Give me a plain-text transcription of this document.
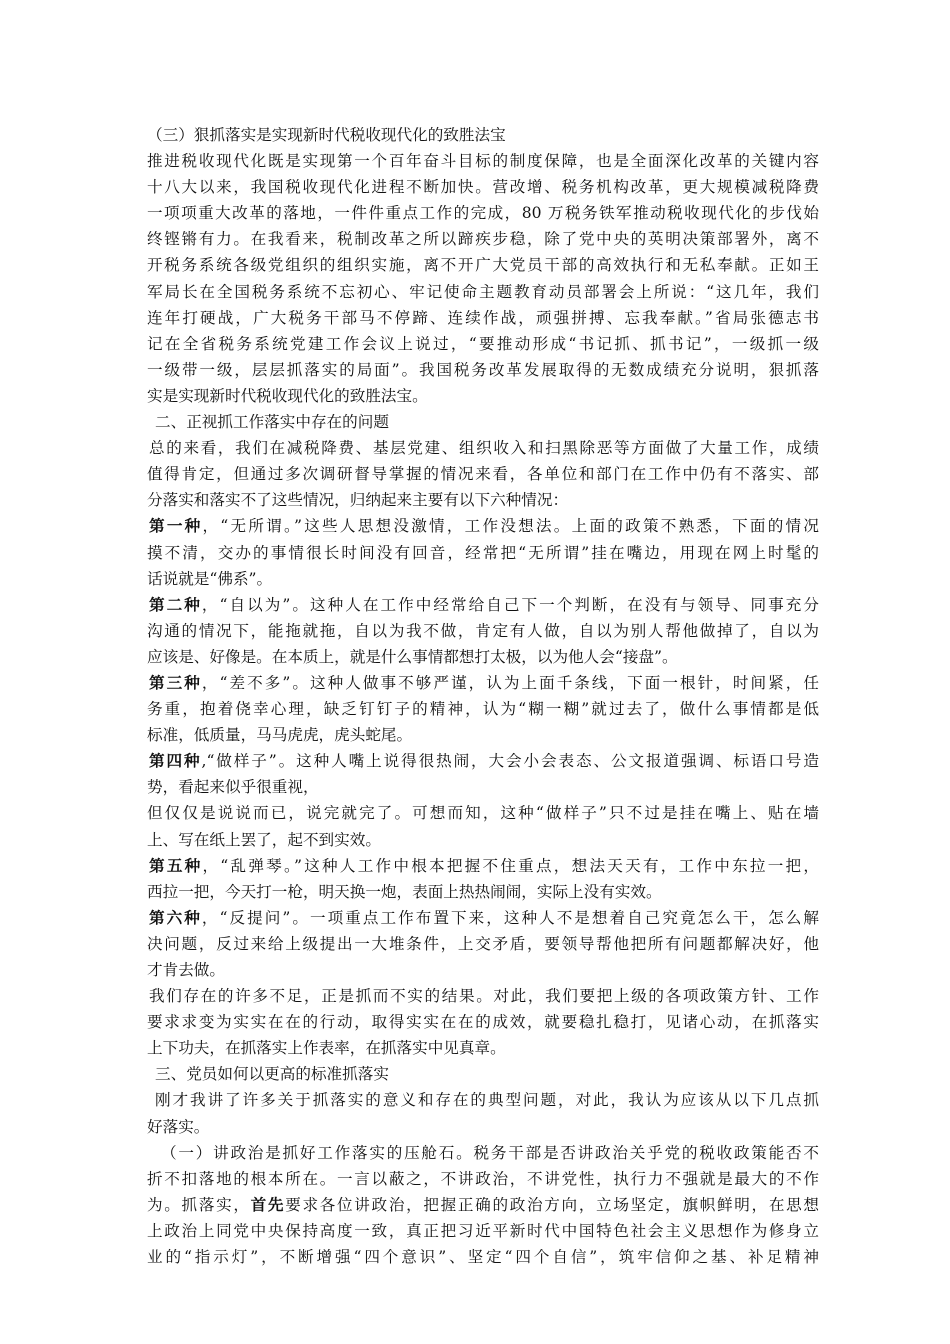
（三）狠抓落实是实现新时代税收现代化的致胜法宝
推进税收现代化既是实现第一个百年奋斗目标的制度保障，也是全面深化改革的关键内容
十八大以来，我国税收现代化进程不断加快。营改增、税务机构改革，更大规模减税降费
一项项重大改革的落地，一件件重点工作的完成，80 万税务铁军推动税收现代化的步伐始
终铿锵有力。在我看来，税制改革之所以蹄疾步稳，除了党中央的英明决策部署外，离不
开税务系统各级党组织的组织实施，离不开广大党员干部的高效执行和无私奉献。正如王
军局长在全国税务系统不忘初心、牢记使命主题教育动员部署会上所说：“这几年，我们
连年打硬战，广大税务干部马不停蹄、连续作战，顽强拼搏、忘我奉献。”省局张德志书
记在全省税务系统党建工作会议上说过，“要推动形成“书记抓、抓书记”，一级抓一级
一级带一级，层层抓落实的局面”。我国税务改革发展取得的无数成绩充分说明，狠抓落
实是实现新时代税收现代化的致胜法宝。
二、正视抓工作落实中存在的问题
总的来看，我们在减税降费、基层党建、组织收入和扫黑除恶等方面做了大量工作，成绩
值得肯定，但通过多次调研督导掌握的情况来看，各单位和部门在工作中仍有不落实、部
分落实和落实不了这些情况，归纳起来主要有以下六种情况：
第一种，“无所谓。”这些人思想没激情，工作没想法。上面的政策不熟悉，下面的情况
摸不清，交办的事情很长时间没有回音，经常把“无所谓”挂在嘴边，用现在网上时髦的
话说就是“佛系”。
第二种，“自以为”。这种人在工作中经常给自己下一个判断，在没有与领导、同事充分
沟通的情况下，能拖就拖，自以为我不做，肯定有人做，自以为别人帮他做掉了，自以为
应该是、好像是。在本质上，就是什么事情都想打太极，以为他人会“接盘”。
第三种，“差不多”。这种人做事不够严谨，认为上面千条线，下面一根针，时间紧，任
务重，抱着侥幸心理，缺乏钉钉子的精神，认为“糊一糊”就过去了，做什么事情都是低
标准，低质量，马马虎虎，虎头蛇尾。
第四种,“做样子”。这种人嘴上说得很热闹，大会小会表态、公文报道强调、标语口号造
势，看起来似乎很重视，
但仅仅是说说而已，说完就完了。可想而知，这种“做样子”只不过是挂在嘴上、贴在墙
上、写在纸上罢了，起不到实效。
第五种，“乱弹琴。”这种人工作中根本把握不住重点，想法天天有，工作中东拉一把，
西拉一把，今天打一枪，明天换一炮，表面上热热闹闹，实际上没有实效。
第六种，“反提问”。一项重点工作布置下来，这种人不是想着自己究竟怎么干，怎么解
决问题，反过来给上级提出一大堆条件，上交矛盾，要领导帮他把所有问题都解决好，他
才肯去做。
我们存在的许多不足，正是抓而不实的结果。对此，我们要把上级的各项政策方针、工作
要求求变为实实在在的行动，取得实实在在的成效，就要稳扎稳打，见诸心动，在抓落实
上下功夫，在抓落实上作表率，在抓落实中见真章。
三、党员如何以更高的标准抓落实
刚才我讲了许多关于抓落实的意义和存在的典型问题，对此，我认为应该从以下几点抓
好落实。
（一）讲政治是抓好工作落实的压舱石。税务干部是否讲政治关乎党的税收政策能否不
折不扣落地的根本所在。一言以蔽之，不讲政治，不讲党性，执行力不强就是最大的不作
为。抓落实，首先要求各位讲政治，把握正确的政治方向，立场坚定，旗帜鲜明，在思想
上政治上同党中央保持高度一致，真正把习近平新时代中国特色社会主义思想作为修身立
业的“指示灯”，不断增强“四个意识”、坚定“四个自信”，筑牢信仰之基、补足精神
